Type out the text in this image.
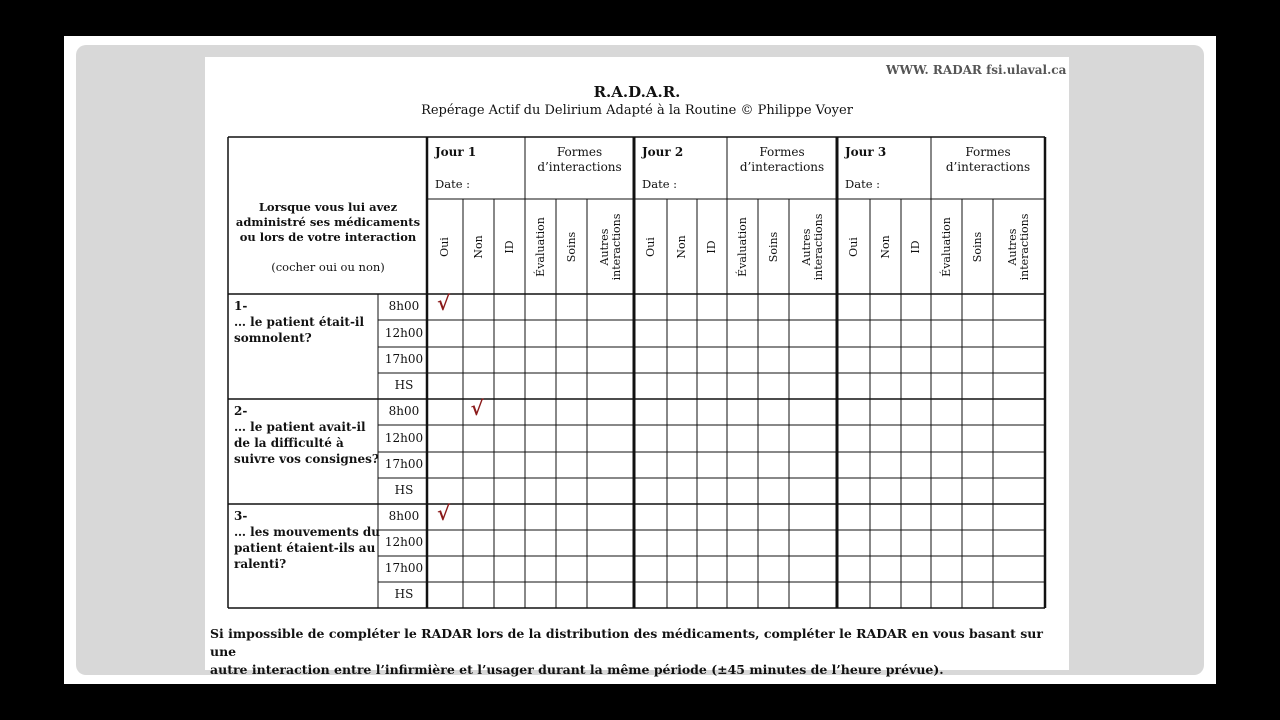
WWW. RADAR fsi.ulaval.ca
R.A.D.A.R.
Repérage Actif du Delirium Adapté à la Routine © Philippe Voyer
Lorsque vous lui avez
administré ses médicaments
ou lors de votre interaction
(cocher oui ou non)
Jour 1
Date :
Formes
d’interactions
Oui Non ID Évaluation Soins Autres
interactions
Jour 2
Date :
Formes
d’interactions
Oui Non ID Évaluation Soins Autres
interactions
Jour 3
Date :
Formes
d’interactions
Oui Non ID Évaluation Soins Autres
interactions
1-
… le patient était-il
somnolent?
8h00
12h00
17h00
HS
2-
… le patient avait-il
de la difficulté à
suivre vos consignes?
8h00
12h00
17h00
HS
3-
… les mouvements du
patient étaient-ils au
ralenti?
8h00
12h00
17h00
HS
√
√
√
Si impossible de compléter le RADAR lors de la distribution des médicaments, compléter le RADAR en vous basant sur une
autre interaction entre l’infirmière et l’usager durant la même période (±45 minutes de l’heure prévue).
